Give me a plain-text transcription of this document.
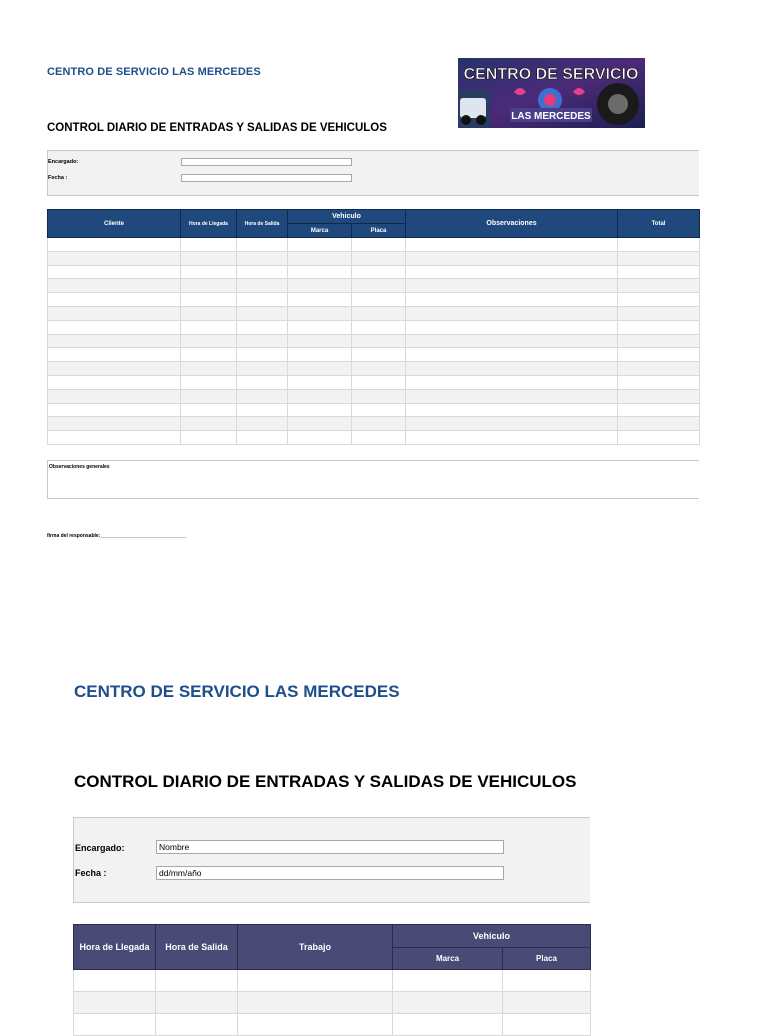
CENTRO DE SERVICIO LAS MERCEDES
CONTROL DIARIO DE ENTRADAS Y SALIDAS DE VEHICULOS
CENTRO DE SERVICIO
LAS MERCEDES
Encargado:
Fecha :
Cliente	Hora de Llegada	Hora de Salida	Vehiculo		Observaciones	Total
			Marca	Placa		

Observaciones generales
firma del responsable:_______________________________
CENTRO DE SERVICIO LAS MERCEDES
CONTROL DIARIO DE ENTRADAS Y SALIDAS DE VEHICULOS
Encargado:	Nombre
Fecha :	dd/mm/año
Hora de Llegada	Hora de Salida	Trabajo	Vehiculo	
			Marca	Placa
